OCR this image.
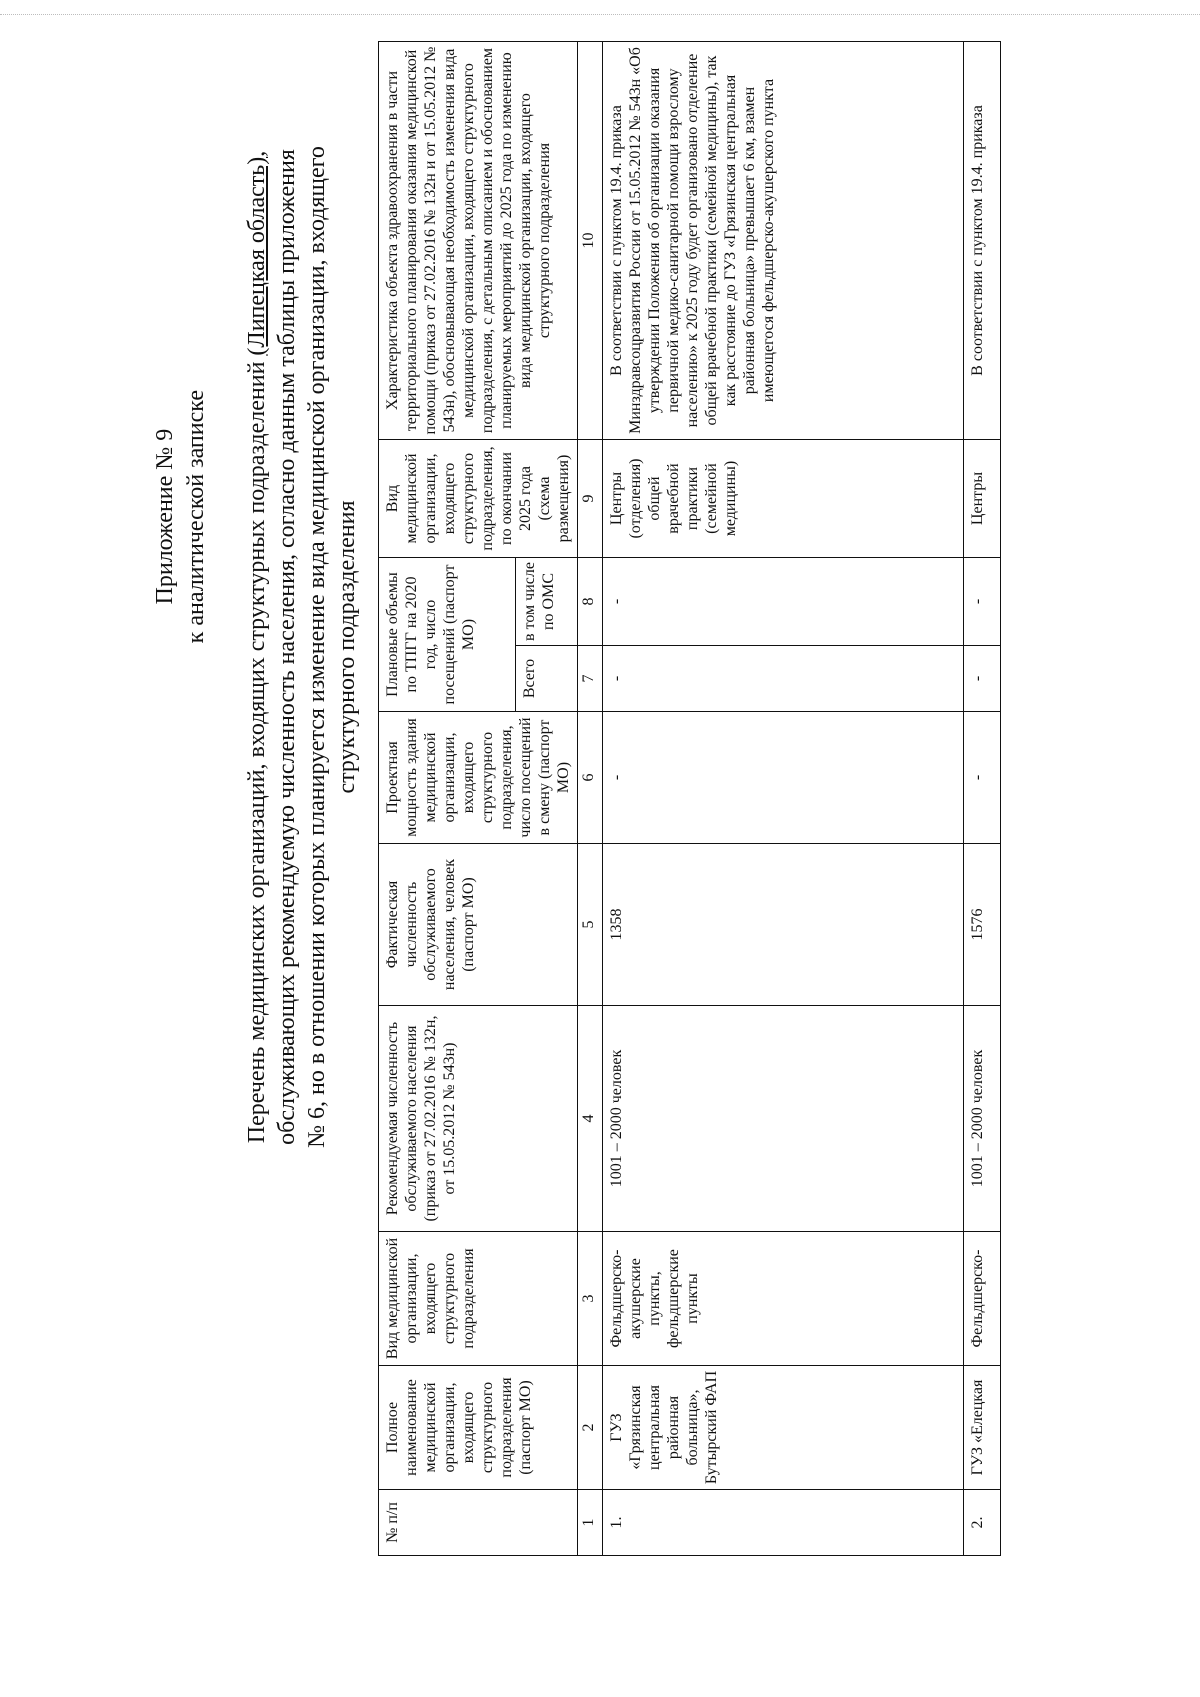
Приложение № 9 к аналитической записке Перечень медицинских организаций, входящих структурных подразделений (Липецкая область), обслуживающих рекомендуемую численность населения, согласно данным таблицы приложения № 6, но в отношении которых планируется изменение вида медицинской организации, входящего структурного подразделения
№ п/п	Полное наименование медицинской организации, входящего структурного подразделения (паспорт МО)	Вид медицинской организации, входящего структурного подразделения	Рекомендуемая численность обслуживаемого населения (приказ от 27.02.2016 № 132н, от 15.05.2012 № 543н)	Фактическая численность обслуживаемого населения, человек (паспорт МО)	Проектная мощность здания медицинской организации, входящего структурного подразделения, число посещений в смену (паспорт МО)	Плановые объемы по ТПГГ на 2020 год, число посещений (паспорт МО)		Вид медицинской организации, входящего структурного подразделения, по окончании 2025 года (схема размещения)	Характеристика объекта здравоохранения в части территориального планирования оказания медицинской помощи (приказ от 27.02.2016 № 132н и от 15.05.2012 № 543н), обосновывающая необходимость изменения вида медицинской организации, входящего структурного подразделения, с детальным описанием и обоснованием планируемых мероприятий до 2025 года по изменению вида медицинской организации, входящего структурного подразделения
						Всего	в том числе по ОМС		
1	2	3	4	5	6	7	8	9	10
1.	ГУЗ «Грязинская центральная районная больница», Бутырский ФАП	Фельдшерско-акушерские пункты, фельдшерские пункты	1001 – 2000 человек	1358	-	-	-	Центры (отделения) общей врачебной практики (семейной медицины)	В соответствии с пунктом 19.4. приказа Минздравсоцразвития России от 15.05.2012 № 543н «Об утверждении Положения об организации оказания первичной медико-санитарной помощи взрослому населению» к 2025 году будет организовано отделение общей врачебной практики (семейной медицины), так как расстояние до ГУЗ «Грязинская центральная районная больница» превышает 6 км, взамен имеющегося фельдшерско-акушерского пункта
2.	ГУЗ «Елецкая	Фельдшерско-	1001 – 2000 человек	1576	-	-	-	Центры	В соответствии с пунктом 19.4. приказа
